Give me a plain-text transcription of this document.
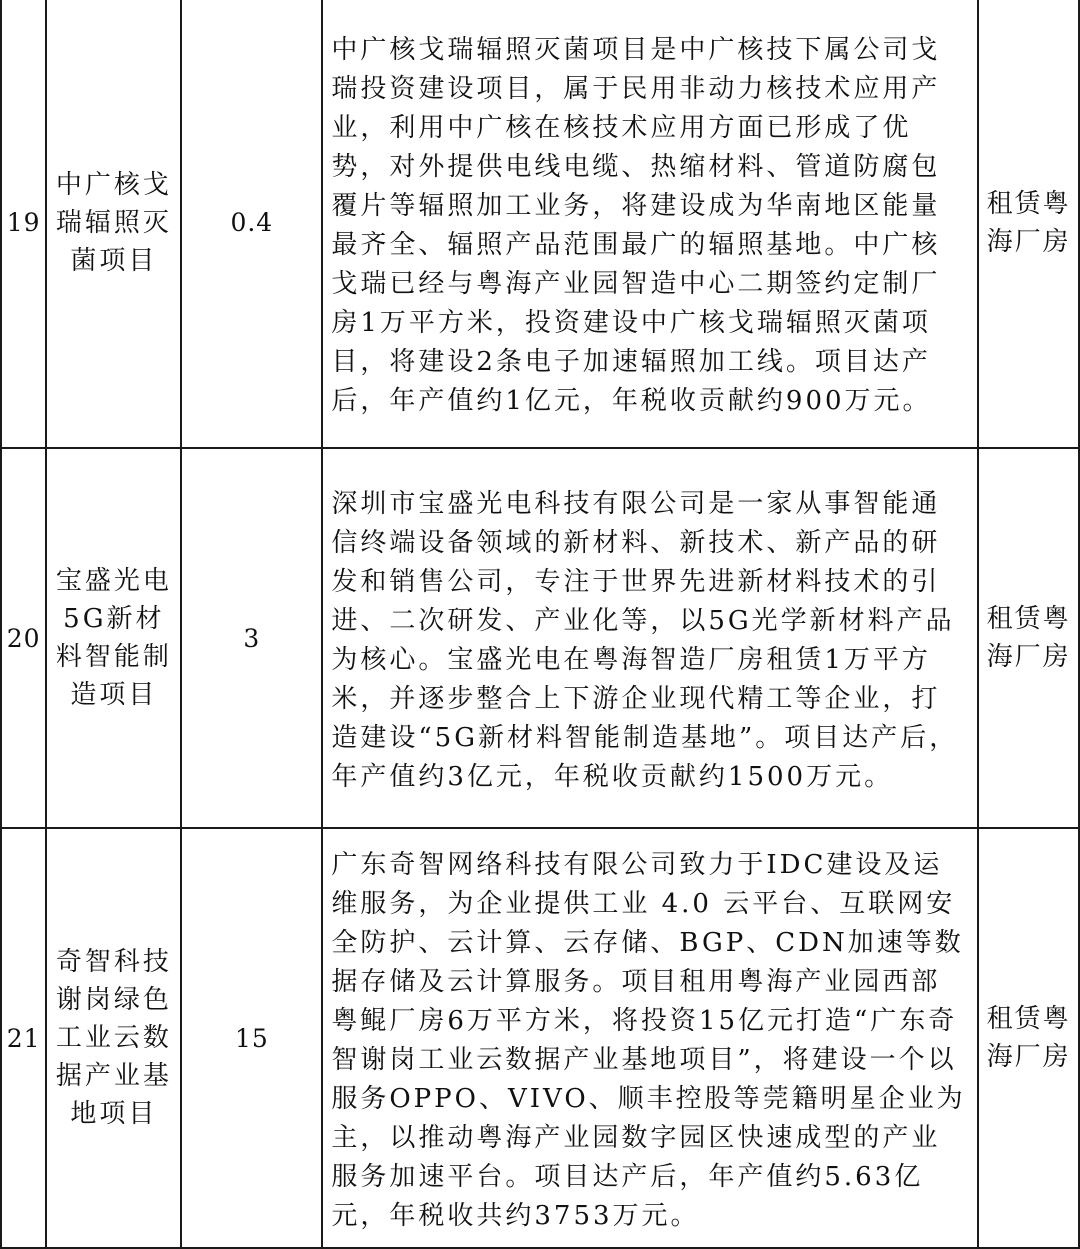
19	中广核戈瑞辐照灭菌项目	0.4	中广核戈瑞辐照灭菌项目是中广核技下属公司戈瑞投资建设项目，属于民用非动力核技术应用产业，利用中广核在核技术应用方面已形成了优势，对外提供电线电缆、热缩材料、管道防腐包覆片等辐照加工业务，将建设成为华南地区能量最齐全、辐照产品范围最广的辐照基地。中广核戈瑞已经与粤海产业园智造中心二期签约定制厂房1万平方米，投资建设中广核戈瑞辐照灭菌项目，将建设2条电子加速辐照加工线。项目达产后，年产值约1亿元，年税收贡献约900万元。	租赁粤海厂房
20	宝盛光电5G新材料智能制造项目	3	深圳市宝盛光电科技有限公司是一家从事智能通信终端设备领域的新材料、新技术、新产品的研发和销售公司，专注于世界先进新材料技术的引进、二次研发、产业化等，以5G光学新材料产品为核心。宝盛光电在粤海智造厂房租赁1万平方米，并逐步整合上下游企业现代精工等企业，打造建设“5G新材料智能制造基地”。项目达产后，年产值约3亿元，年税收贡献约1500万元。	租赁粤海厂房
21	奇智科技谢岗绿色工业云数据产业基地项目	15	广东奇智网络科技有限公司致力于IDC建设及运维服务，为企业提供工业 4.0 云平台、互联网安全防护、云计算、云存储、BGP、CDN加速等数据存储及云计算服务。项目租用粤海产业园西部粤鲲厂房6万平方米，将投资15亿元打造“广东奇智谢岗工业云数据产业基地项目”，将建设一个以服务OPPO、VIVO、顺丰控股等莞籍明星企业为主，以推动粤海产业园数字园区快速成型的产业服务加速平台。项目达产后，年产值约5.63亿元，年税收共约3753万元。	租赁粤海厂房
